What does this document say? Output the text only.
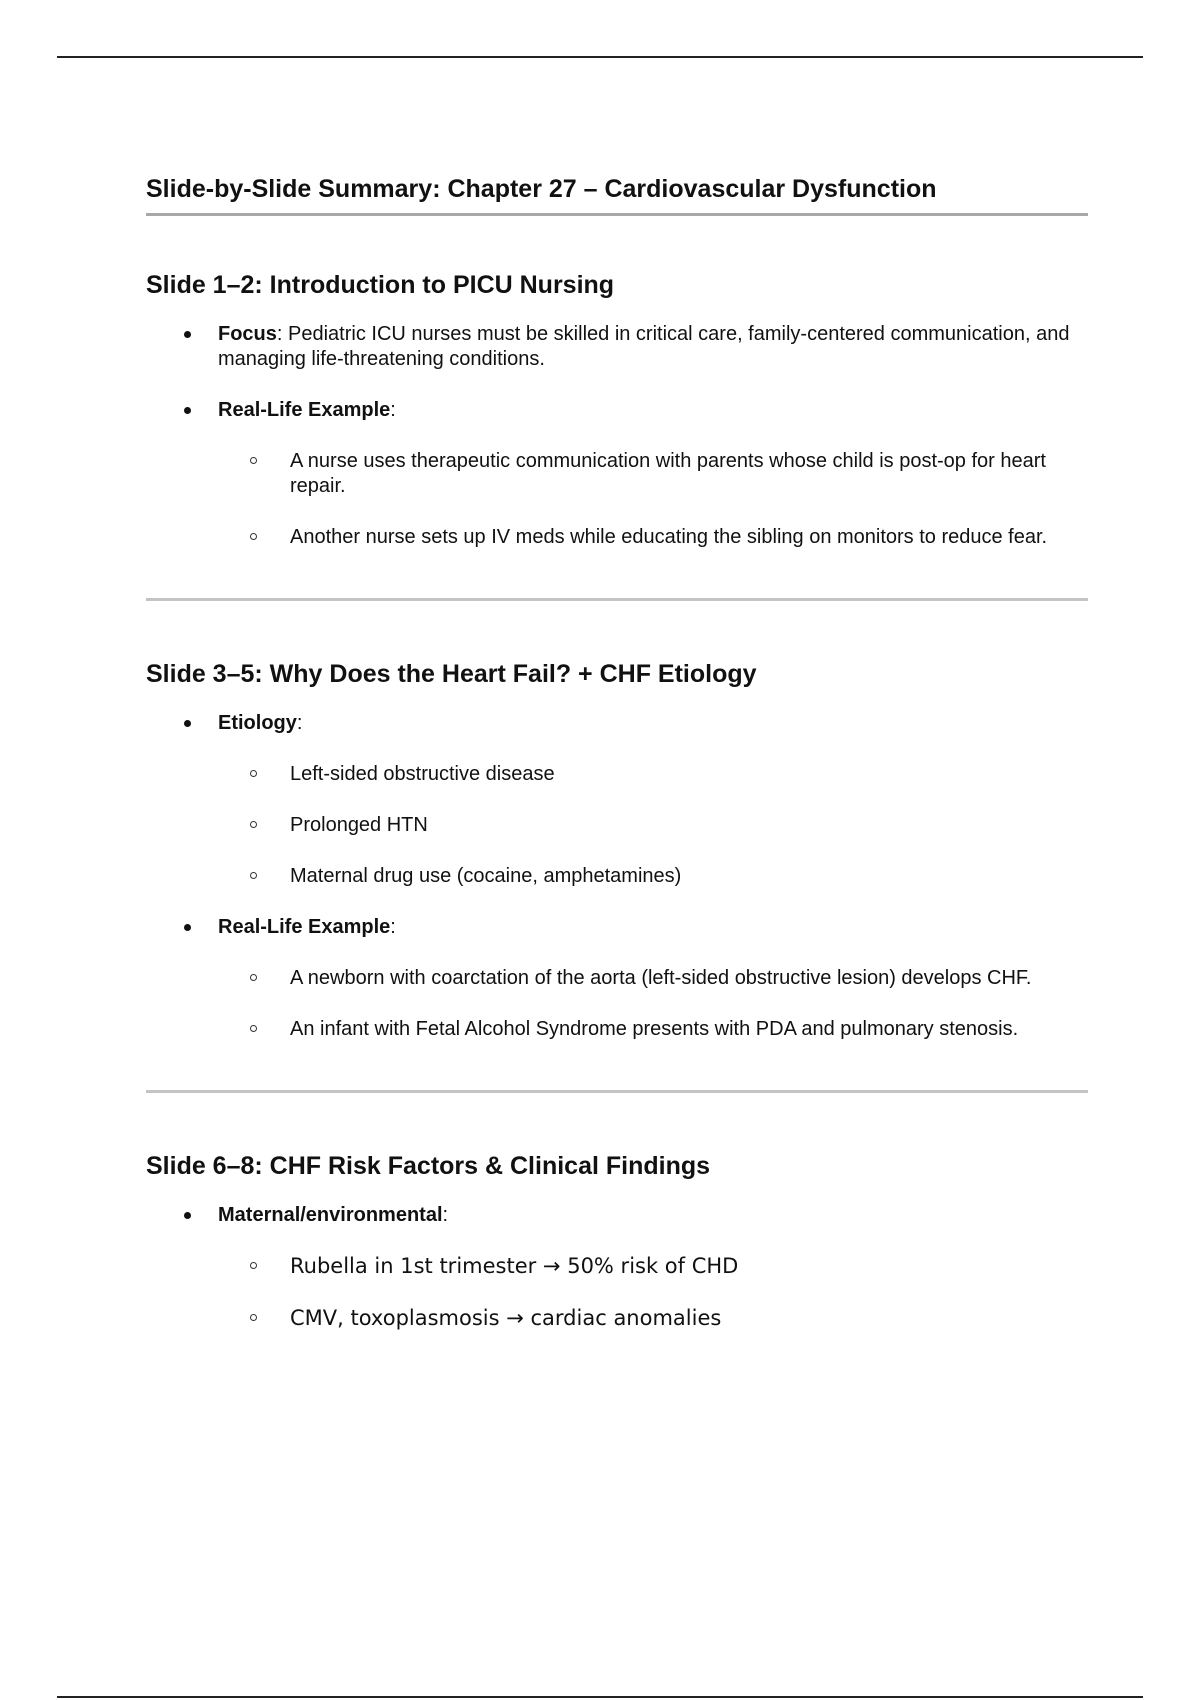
Slide-by-Slide Summary: Chapter 27 – Cardiovascular Dysfunction
Slide 1–2: Introduction to PICU Nursing
Focus: Pediatric ICU nurses must be skilled in critical care, family-centered communication, and managing life-threatening conditions.
Real-Life Example:
A nurse uses therapeutic communication with parents whose child is post-op for heart repair.
Another nurse sets up IV meds while educating the sibling on monitors to reduce fear.
Slide 3–5: Why Does the Heart Fail? + CHF Etiology
Etiology:
Left-sided obstructive disease
Prolonged HTN
Maternal drug use (cocaine, amphetamines)
Real-Life Example:
A newborn with coarctation of the aorta (left-sided obstructive lesion) develops CHF.
An infant with Fetal Alcohol Syndrome presents with PDA and pulmonary stenosis.
Slide 6–8: CHF Risk Factors & Clinical Findings
Maternal/environmental:
Rubella in 1st trimester → 50% risk of CHD
CMV, toxoplasmosis → cardiac anomalies
